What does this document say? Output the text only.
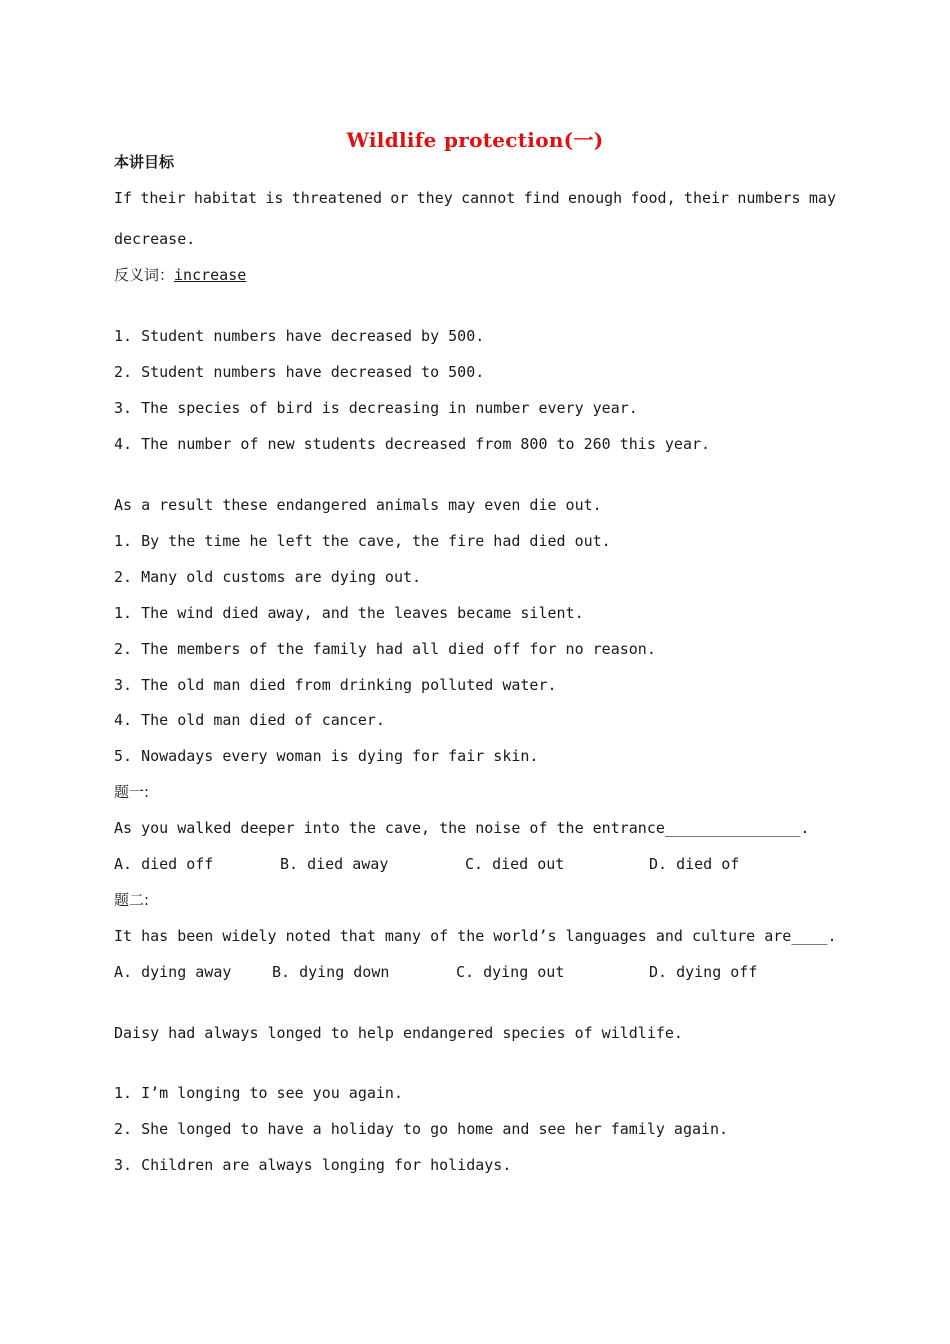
Wildlife protection(一)
本讲目标
If their habitat is threatened or they cannot find enough food, their numbers may
decrease.
反义词：increase
1. Student numbers have decreased by 500.
2. Student numbers have decreased to 500.
3. The species of bird is decreasing in number every year.
4. The number of new students decreased from 800 to 260 this year.
As a result these endangered animals may even die out.
1. By the time he left the cave, the fire had died out.
2. Many old customs are dying out.
1. The wind died away, and the leaves became silent.
2. The members of the family had all died off for no reason.
3. The old man died from drinking polluted water.
4. The old man died of cancer.
5. Nowadays every woman is dying for fair skin.
题一:
As you walked deeper into the cave, the noise of the entrance_______________.
A. died off	B. died away	C. died out	D. died of
题二:
It has been widely noted that many of the world’s languages and culture are____.
A. dying away	B. dying down	C. dying out	D. dying off
Daisy had always longed to help endangered species of wildlife.
1. I’m longing to see you again.
2. She longed to have a holiday to go home and see her family again.
3. Children are always longing for holidays.
